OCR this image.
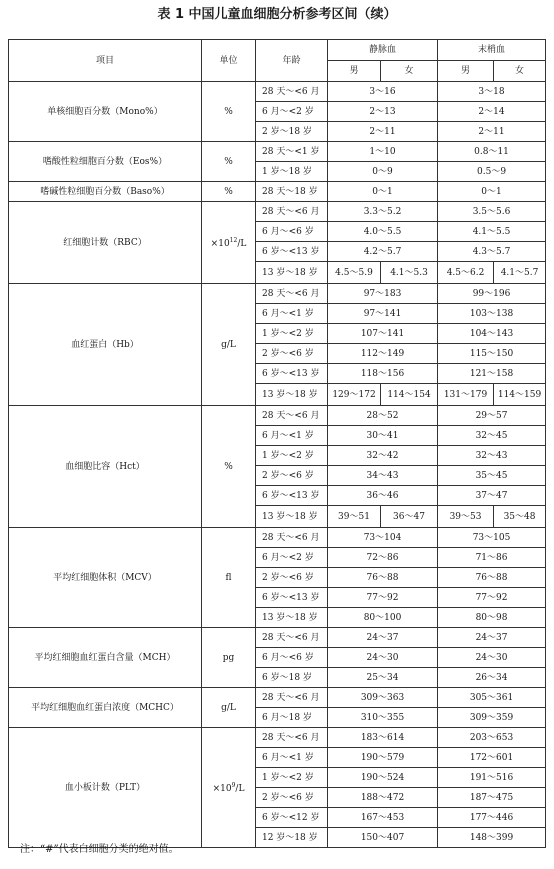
表 1 中国儿童血细胞分析参考区间（续）
项目	单位	年龄	静脉血		末梢血	
			男	女	男	女
单核细胞百分数（Mono%）	%	28 天～<6 月	3～16		3～18	
		6 月～<2 岁	2～13		2～14	
		2 岁～18 岁	2～11		2～11	
嗜酸性粒细胞百分数（Eos%）	%	28 天～<1 岁	1～10		0.8～11	
		1 岁～18 岁	0～9		0.5～9	
嗜碱性粒细胞百分数（Baso%）	%	28 天～18 岁	0～1		0～1	
红细胞计数（RBC）	$\times 10^{12}/L$	28 天～<6 月	3.3～5.2		3.5～5.6	
		6 月～<6 岁	4.0～5.5		4.1～5.5	
		6 岁～<13 岁	4.2～5.7		4.3～5.7	
		13 岁～18 岁	4.5～5.9	4.1～5.3	4.5～6.2	4.1～5.7
血红蛋白（Hb）	g/L	28 天～<6 月	97～183		99～196	
		6 月～<1 岁	97～141		103～138	
		1 岁～<2 岁	107～141		104～143	
		2 岁～<6 岁	112～149		115～150	
		6 岁～<13 岁	118～156		121～158	
		13 岁～18 岁	129～172	114～154	131～179	114～159
血细胞比容（Hct）	%	28 天～<6 月	28～52		29～57	
		6 月～<1 岁	30～41		32～45	
		1 岁～<2 岁	32～42		32～43	
		2 岁～<6 岁	34～43		35～45	
		6 岁～<13 岁	36～46		37～47	
		13 岁～18 岁	39～51	36～47	39～53	35～48
平均红细胞体积（MCV）	fl	28 天～<6 月	73～104		73～105	
		6 月～<2 岁	72～86		71～86	
		2 岁～<6 岁	76～88		76～88	
		6 岁～<13 岁	77～92		77～92	
		13 岁～18 岁	80～100		80～98	
平均红细胞血红蛋白含量（MCH）	pg	28 天～<6 月	24～37		24～37	
		6 月～<6 岁	24～30		24～30	
		6 岁～18 岁	25～34		26～34	
平均红细胞血红蛋白浓度（MCHC）	g/L	28 天～<6 月	309～363		305～361	
		6 月～18 岁	310～355		309～359	
血小板计数（PLT）	$\times 10^9/L$	28 天～<6 月	183～614		203～653	
		6 月～<1 岁	190～579		172～601	
		1 岁～<2 岁	190～524		191～516	
		2 岁～<6 岁	188～472		187～475	
		6 岁～<12 岁	167～453		177～446	
		12 岁～18 岁	150～407		148～399	
注：“#”代表白细胞分类的绝对值。
